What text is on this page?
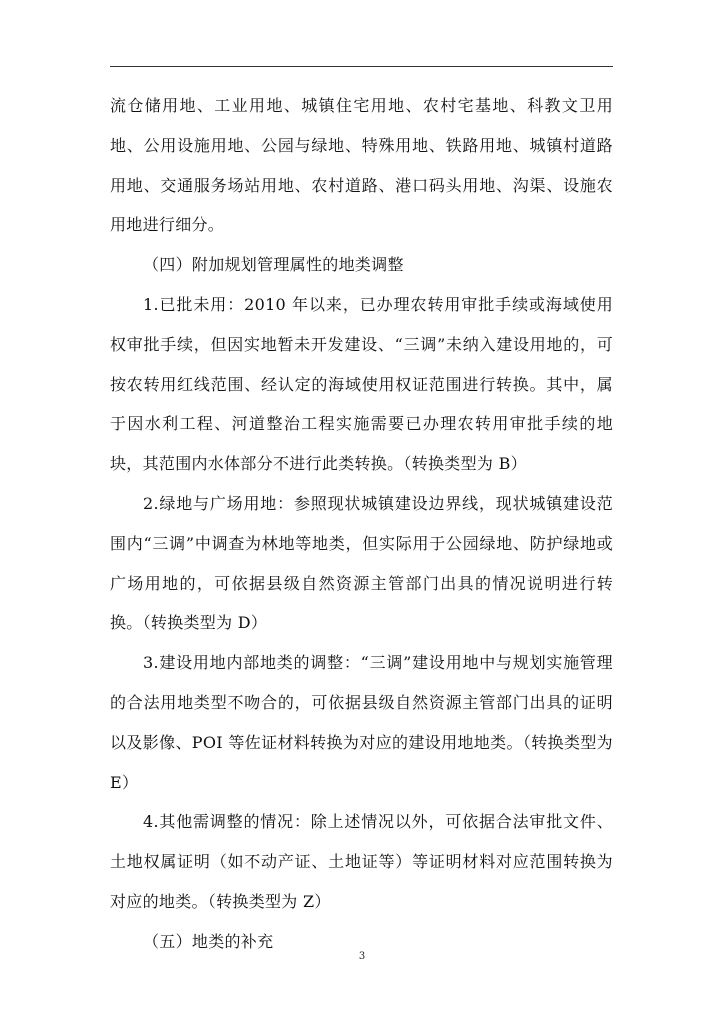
流仓储用地、工业用地、城镇住宅用地、农村宅基地、科教文卫用地、公用设施用地、公园与绿地、特殊用地、铁路用地、城镇村道路用地、交通服务场站用地、农村道路、港口码头用地、沟渠、设施农用地进行细分。

（四）附加规划管理属性的地类调整

1.已批未用：2010 年以来，已办理农转用审批手续或海域使用权审批手续，但因实地暂未开发建设、“三调”未纳入建设用地的，可按农转用红线范围、经认定的海域使用权证范围进行转换。其中，属于因水利工程、河道整治工程实施需要已办理农转用审批手续的地块，其范围内水体部分不进行此类转换。（转换类型为 B）

2.绿地与广场用地：参照现状城镇建设边界线，现状城镇建设范围内“三调”中调查为林地等地类，但实际用于公园绿地、防护绿地或广场用地的，可依据县级自然资源主管部门出具的情况说明进行转换。（转换类型为 D）

3.建设用地内部地类的调整：“三调”建设用地中与规划实施管理的合法用地类型不吻合的，可依据县级自然资源主管部门出具的证明以及影像、POI 等佐证材料转换为对应的建设用地地类。（转换类型为 E）

4.其他需调整的情况：除上述情况以外，可依据合法审批文件、土地权属证明（如不动产证、土地证等）等证明材料对应范围转换为对应的地类。（转换类型为 Z）

（五）地类的补充

3
